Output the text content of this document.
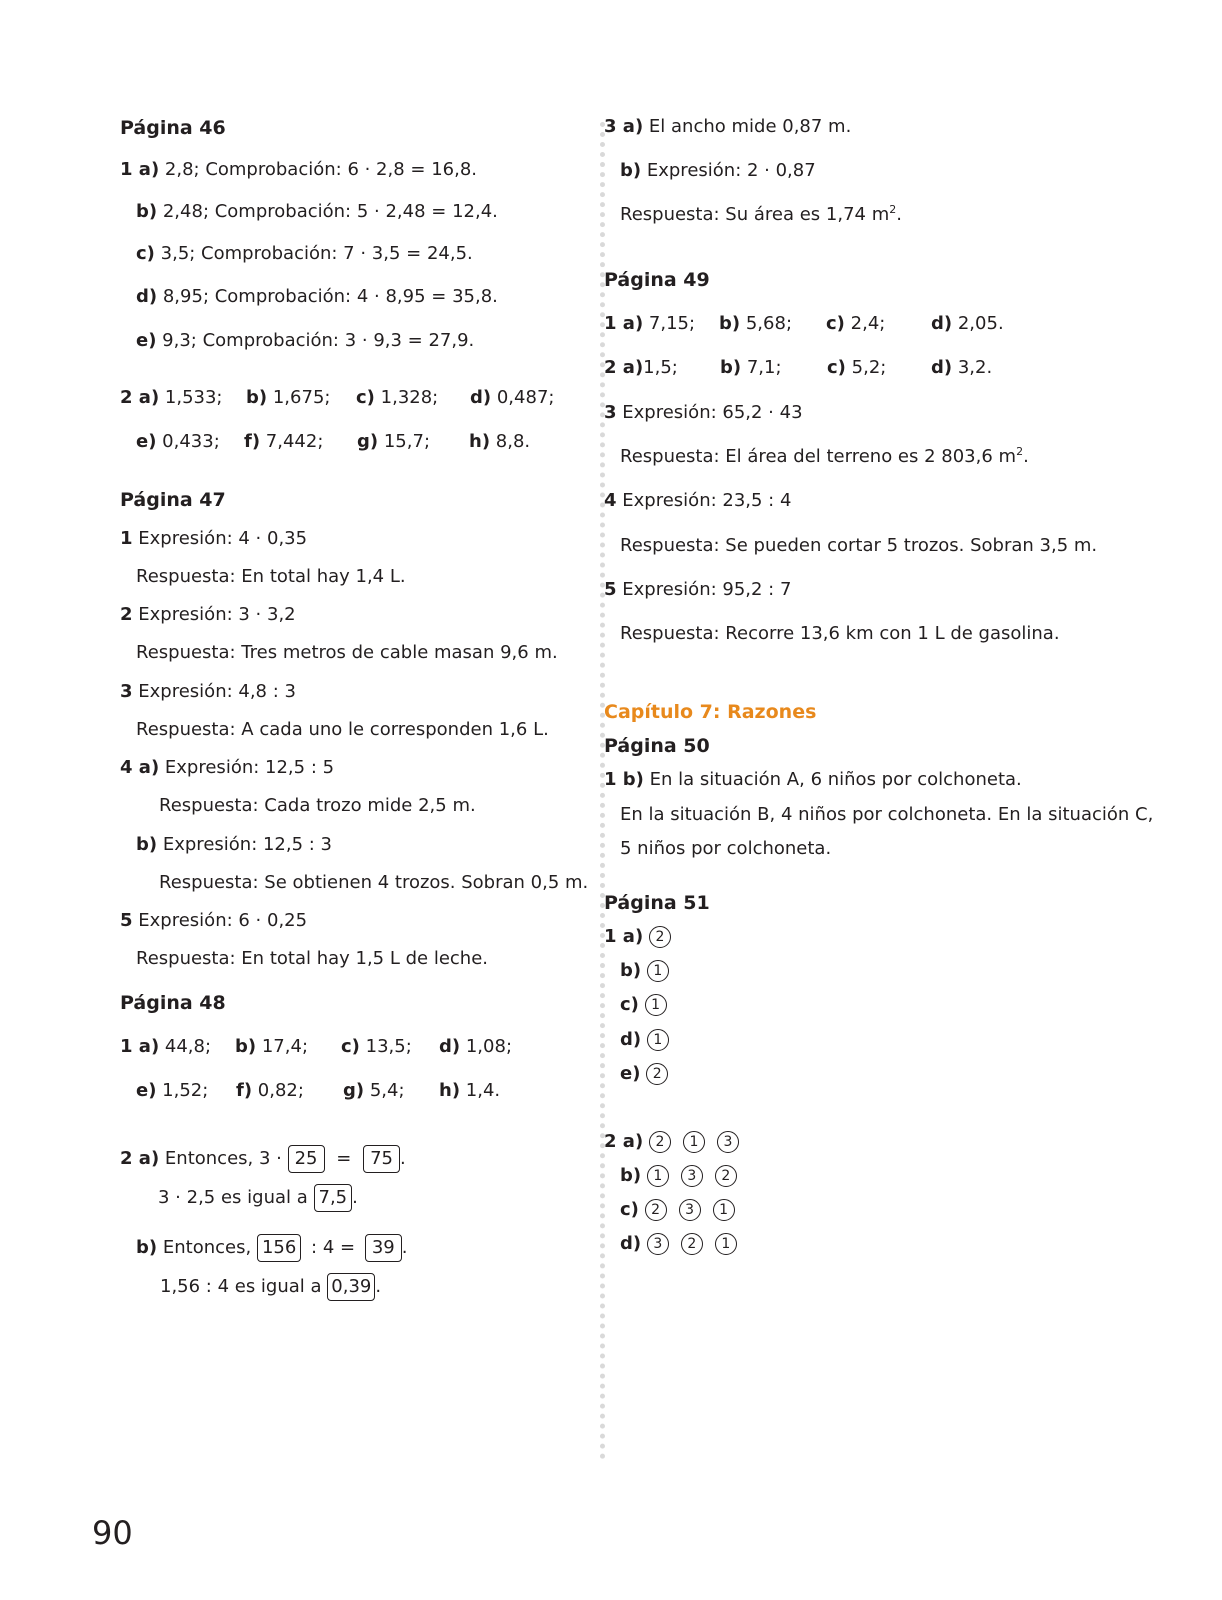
Página 46
1 a) 2,8; Comprobación: 6 · 2,8 = 16,8.
b) 2,48; Comprobación: 5 · 2,48 = 12,4.
c) 3,5; Comprobación: 7 · 3,5 = 24,5.
d) 8,95; Comprobación: 4 · 8,95 = 35,8.
e) 9,3; Comprobación: 3 · 9,3 = 27,9.
2 a) 1,533; b) 1,675; c) 1,328; d) 0,487;
e) 0,433; f) 7,442; g) 15,7; h) 8,8.
Página 47
1 Expresión: 4 · 0,35
Respuesta: En total hay 1,4 L.
2 Expresión: 3 · 3,2
Respuesta: Tres metros de cable masan 9,6 m.
3 Expresión: 4,8 : 3
Respuesta: A cada uno le corresponden 1,6 L.
4 a) Expresión: 12,5 : 5
Respuesta: Cada trozo mide 2,5 m.
b) Expresión: 12,5 : 3
Respuesta: Se obtienen 4 trozos. Sobran 0,5 m.
5 Expresión: 6 · 0,25
Respuesta: En total hay 1,5 L de leche.
Página 48
1 a) 44,8; b) 17,4; c) 13,5; d) 1,08;
e) 1,52; f) 0,82; g) 5,4; h) 1,4.
2 a) Entonces, 3 · 25 = 75 .
3 · 2,5 es igual a 7,5 .
b) Entonces, 156 : 4 = 39 .
1,56 : 4 es igual a 0,39 .
3 a) El ancho mide 0,87 m.
b) Expresión: 2 · 0,87
Respuesta: Su área es 1,74 $m^2$.
Página 49
1 a) 7,15; b) 5,68; c) 2,4;	d) 2,05.
2 a)1,5; b) 7,1;	c) 5,2; d) 3,2.
3 Expresión: 65,2 · 43
Respuesta: El área del terreno es 2 803,6 $m^2$.
4 Expresión: 23,5 : 4
Respuesta: Se pueden cortar 5 trozos. Sobran 3,5 m.
5 Expresión: 95,2 : 7
Respuesta: Recorre 13,6 km con 1 L de gasolina.
Capítulo 7: Razones
Página 50
1 b) En la situación A, 6 niños por colchoneta.
En la situación B, 4 niños por colchoneta. En la situación C,
5 niños por colchoneta.
Página 51
1 a) 2
b) 1
c) 1
d) 1
e) 2
2 a) 2 1 3
b) 1 3 2
c) 2 3 1
d) 3 2 1
90
